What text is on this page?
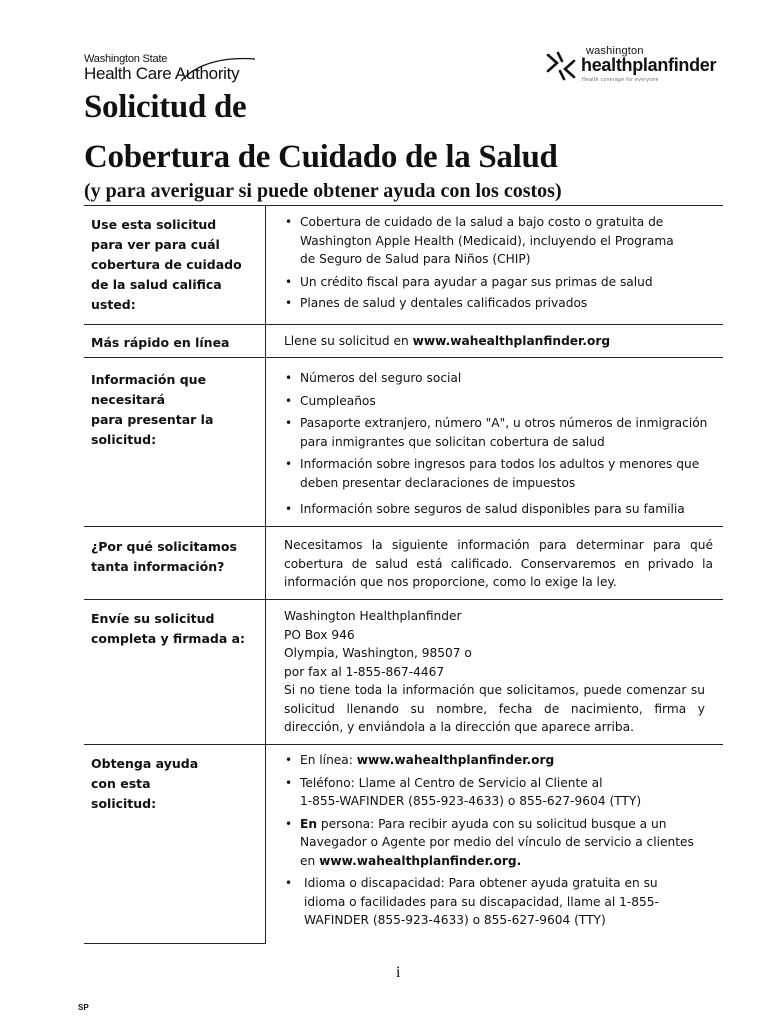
Washington State
Health Care Authority
washington
healthplanfinder
Health coverage for everyone
Solicitud de
Cobertura de Cuidado de la Salud
(y para averiguar si puede obtener ayuda con los costos)
Use esta solicitud
para ver para cuál
cobertura de cuidado
de la salud califica
usted:
• Cobertura de cuidado de la salud a bajo costo o gratuita de Washington Apple Health (Medicaid), incluyendo el Programa de Seguro de Salud para Niños (CHIP)
• Un crédito fiscal para ayudar a pagar sus primas de salud
• Planes de salud y dentales calificados privados
Más rápido en línea	Llene su solicitud en www.wahealthplanfinder.org
Información que
necesitará
para presentar la
solicitud:
• Números del seguro social
• Cumpleaños
• Pasaporte extranjero, número "A", u otros números de inmigración para inmigrantes que solicitan cobertura de salud
• Información sobre ingresos para todos los adultos y menores que deben presentar declaraciones de impuestos
• Información sobre seguros de salud disponibles para su familia
¿Por qué solicitamos
tanta información?
Necesitamos la siguiente información para determinar para qué cobertura de salud está calificado. Conservaremos en privado la información que nos proporcione, como lo exige la ley.
Envíe su solicitud
completa y firmada a:
Washington Healthplanfinder
PO Box 946
Olympia, Washington, 98507 o
por fax al 1-855-867-4467
Si no tiene toda la información que solicitamos, puede comenzar su solicitud llenando su nombre, fecha de nacimiento, firma y dirección, y enviándola a la dirección que aparece arriba.
Obtenga ayuda
con esta
solicitud:
• En línea: www.wahealthplanfinder.org
• Teléfono: Llame al Centro de Servicio al Cliente al
1-855-WAFINDER (855-923-4633) o 855-627-9604 (TTY)
• En persona: Para recibir ayuda con su solicitud busque a un Navegador o Agente por medio del vínculo de servicio a clientes en www.wahealthplanfinder.org.
• Idioma o discapacidad: Para obtener ayuda gratuita en su
idioma o facilidades para su discapacidad, llame al 1-855-
WAFINDER (855-923-4633) o 855-627-9604 (TTY)
i
SP
